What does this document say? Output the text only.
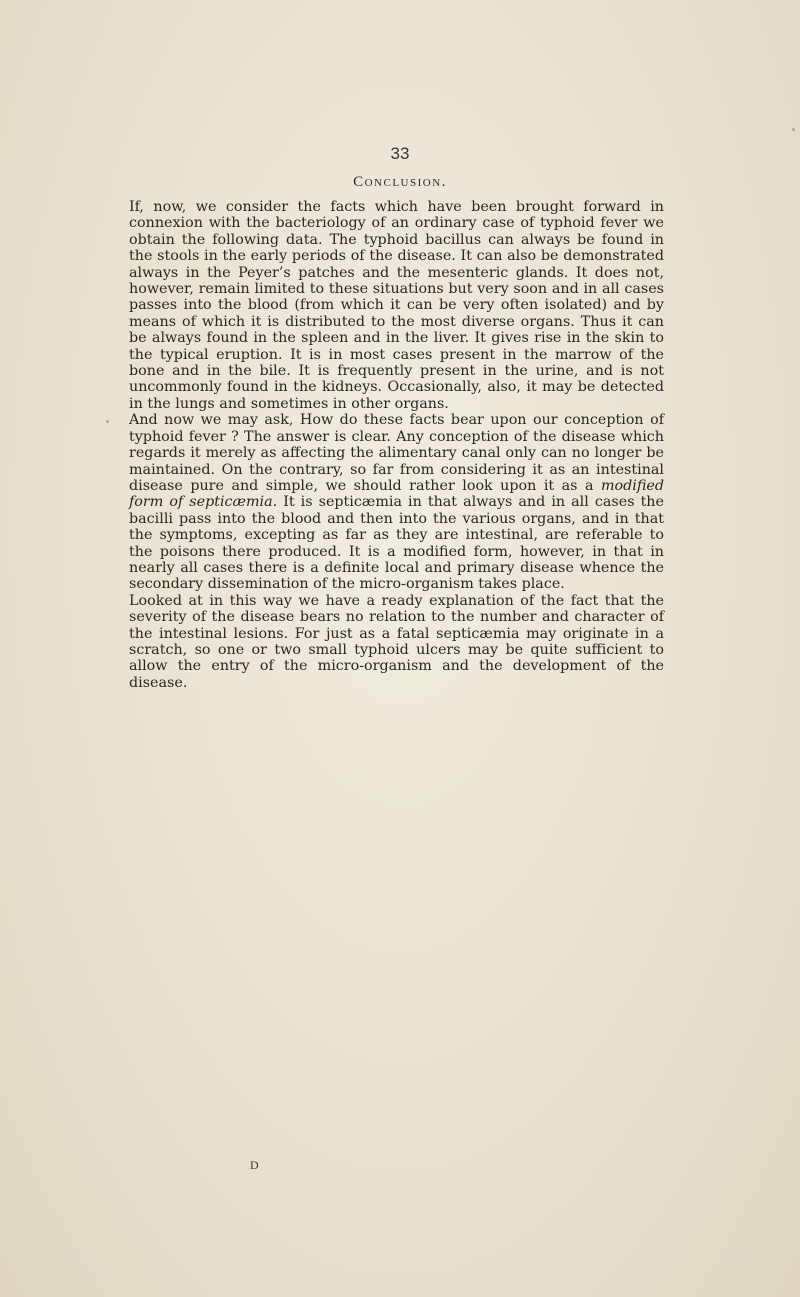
33
Conclusion.

If, now, we consider the facts which have been brought forward in connexion with the bacteriology of an ordinary case of typhoid fever we obtain the following data. The typhoid bacillus can always be found in the stools in the early periods of the disease. It can also be demonstrated always in the Peyer’s patches and the mesenteric glands. It does not, however, remain limited to these situations but very soon and in all cases passes into the blood (from which it can be very often isolated) and by means of which it is distributed to the most diverse organs. Thus it can be always found in the spleen and in the liver. It gives rise in the skin to the typical eruption. It is in most cases present in the marrow of the bone and in the bile. It is frequently present in the urine, and is not uncommonly found in the kidneys. Occasionally, also, it may be detected in the lungs and sometimes in other organs.

And now we may ask, How do these facts bear upon our conception of typhoid fever ? The answer is clear. Any conception of the disease which regards it merely as affecting the alimentary canal only can no longer be maintained. On the contrary, so far from considering it as an intestinal disease pure and simple, we should rather look upon it as a modified form of septicæmia. It is septicæmia in that always and in all cases the bacilli pass into the blood and then into the various organs, and in that the symptoms, excepting as far as they are intestinal, are referable to the poisons there produced. It is a modified form, however, in that in nearly all cases there is a definite local and primary disease whence the secondary dissemination of the micro-organism takes place.

Looked at in this way we have a ready explanation of the fact that the severity of the disease bears no relation to the number and character of the intestinal lesions. For just as a fatal septicæmia may originate in a scratch, so one or two small typhoid ulcers may be quite sufficient to allow the entry of the micro-organism and the development of the disease.

D
